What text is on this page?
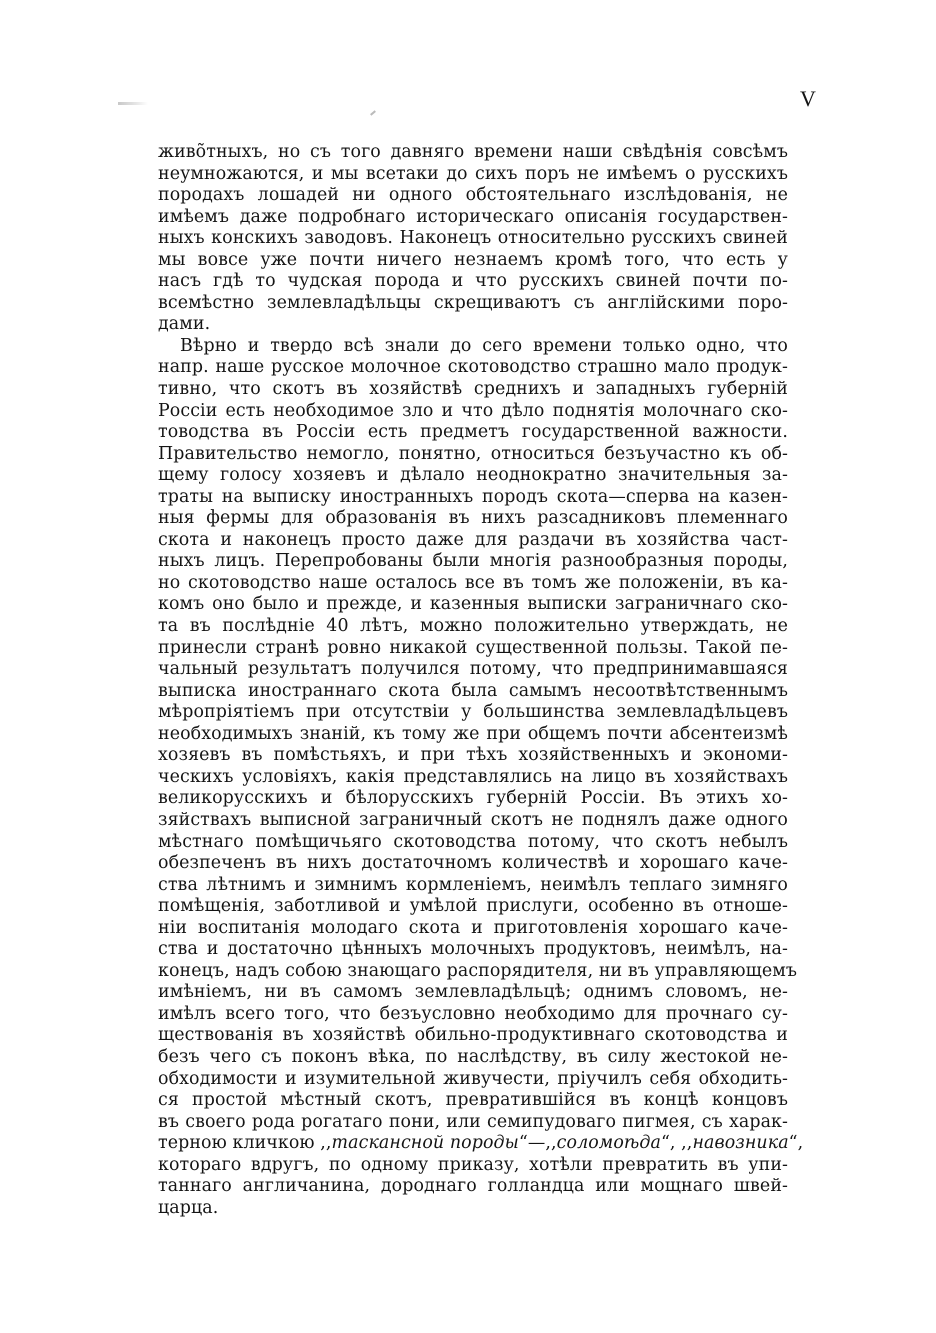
V
живо̃тныхъ, но съ того давняго времени наши свѣдѣнія совсѣмъ
неумножаются, и мы всетаки до сихъ поръ не имѣемъ о русскихъ
породахъ лошадей ни одного обстоятельнаго изслѣдованія, не
имѣемъ даже подробнаго историческаго описанія государствен-
ныхъ конскихъ заводовъ. Наконецъ относительно русскихъ свиней
мы вовсе уже почти ничего незнаемъ кромѣ того, что есть у
насъ гдѣ то чудская порода и что русскихъ свиней почти по-
всемѣстно землевладѣльцы скрещиваютъ съ англійскими поро-
дами.
Вѣрно и твердо всѣ знали до сего времени только одно, что
напр. наше русское молочное скотоводство страшно мало продук-
тивно, что скотъ въ хозяйствѣ среднихъ и западныхъ губерній
Россіи есть необходимое зло и что дѣло поднятія молочнаго ско-
товодства въ Россіи есть предметъ государственной важности.
Правительство немогло, понятно, относиться безъучастно къ об-
щему голосу хозяевъ и дѣлало неоднократно значительныя за-
траты на выписку иностранныхъ породъ скота—сперва на казен-
ныя фермы для образованія въ нихъ разсадниковъ племеннаго
скота и наконецъ просто даже для раздачи въ хозяйства част-
ныхъ лицъ. Перепробованы были многія разнообразныя породы,
но скотоводство наше осталось все въ томъ же положеніи, въ ка-
комъ оно было и прежде, и казенныя выписки заграничнаго ско-
та въ послѣдніе 40 лѣтъ, можно положительно утверждать, не
принесли странѣ ровно никакой существенной пользы. Такой пе-
чальный результатъ получился потому, что предпринимавшаяся
выписка иностраннаго скота была самымъ несоотвѣтственнымъ
мѣропріятіемъ при отсутствіи у большинства землевладѣльцевъ
необходимыхъ знаній, къ тому же при общемъ почти абсентеизмѣ
хозяевъ въ помѣстьяхъ, и при тѣхъ хозяйственныхъ и экономи-
ческихъ условіяхъ, какія представлялись на лицо въ хозяйствахъ
великорусскихъ и бѣлорусскихъ губерній Россіи. Въ этихъ хо-
зяйствахъ выписной заграничный скотъ не поднялъ даже одного
мѣстнаго помѣщичьяго скотоводства потому, что скотъ небылъ
обезпеченъ въ нихъ достаточномъ количествѣ и хорошаго каче-
ства лѣтнимъ и зимнимъ кормленіемъ, неимѣлъ теплаго зимняго
помѣщенія, заботливой и умѣлой прислуги, особенно въ отноше-
ніи воспитанія молодаго скота и приготовленія хорошаго каче-
ства и достаточно цѣнныхъ молочныхъ продуктовъ, неимѣлъ, на-
конецъ, надъ собою знающаго распорядителя, ни въ управляющемъ
имѣніемъ, ни въ самомъ землевладѣльцѣ; однимъ словомъ, не-
имѣлъ всего того, что безъусловно необходимо для прочнаго су-
ществованія въ хозяйствѣ обильно-продуктивнаго скотоводства и
безъ чего съ поконъ вѣка, по наслѣдству, въ силу жестокой не-
обходимости и изумительной живучести, пріучилъ себя обходить-
ся простой мѣстный скотъ, превратившійся въ концѣ концовъ
въ своего рода рогатаго пони, или семипудоваго пигмея, съ харак-
терною кличкою ,,таскансной породы“—,,соломоѣда“, ,,навозника“,
котораго вдругъ, по одному приказу, хотѣли превратить въ упи-
таннаго англичанина, дороднаго голландца или мощнаго швей-
царца.
